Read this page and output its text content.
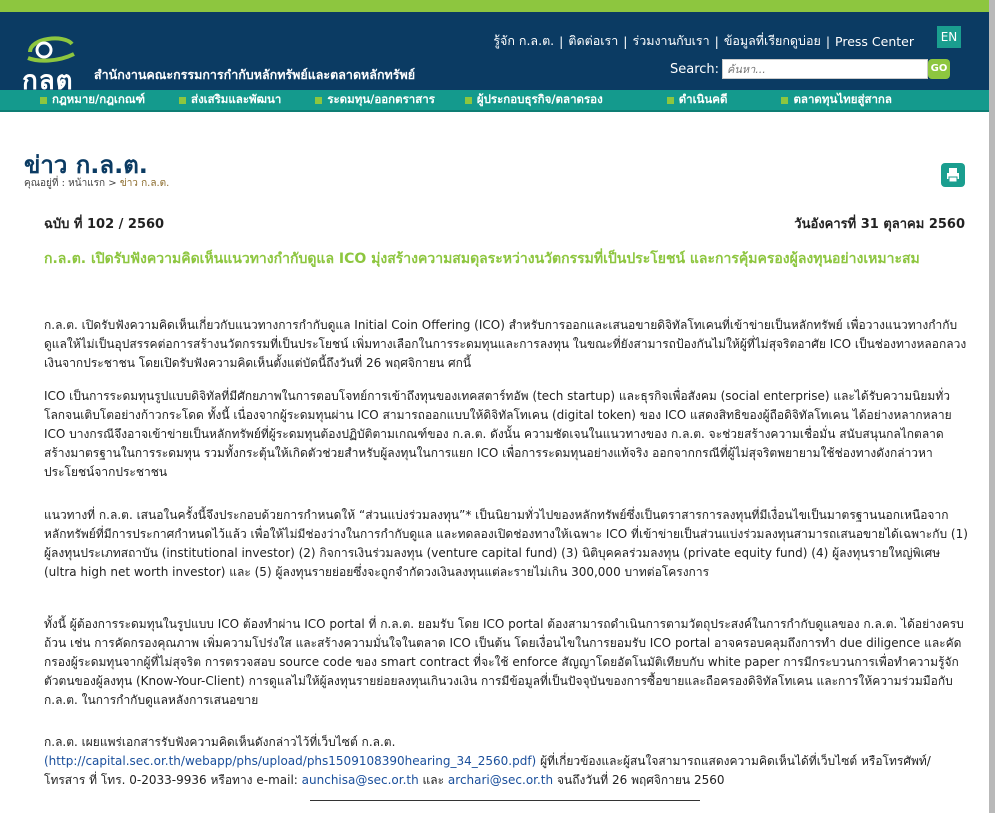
กลต สำนักงานคณะกรรมการกำกับหลักทรัพย์และตลาดหลักทรัพย์
รู้จัก ก.ล.ต. | ติดต่อเรา | ร่วมงานกับเรา | ข้อมูลที่เรียกดูบ่อย | Press Center	EN
Search:
ค้นหา...	GO
กฎหมาย/กฎเกณฑ์	ส่งเสริมและพัฒนา	ระดมทุน/ออกตราสาร	ผู้ประกอบธุรกิจ/ตลาดรอง	ดำเนินคดี	ตลาดทุนไทยสู่สากล
ข่าว ก.ล.ต.
คุณอยู่ที่ : หน้าแรก > ข่าว ก.ล.ต.
ฉบับ ที่ 102 / 2560	วันอังคารที่ 31 ตุลาคม 2560
ก.ล.ต. เปิดรับฟังความคิดเห็นแนวทางกำกับดูแล ICO มุ่งสร้างความสมดุลระหว่างนวัตกรรมที่เป็นประโยชน์ และการคุ้มครองผู้ลงทุนอย่างเหมาะสม
ก.ล.ต. เปิดรับฟังความคิดเห็นเกี่ยวกับแนวทางการกำกับดูแล Initial Coin Offering (ICO) สำหรับการออกและเสนอขายดิจิทัลโทเคนที่เข้าข่ายเป็นหลักทรัพย์ เพื่อวางแนวทางกำกับดูแลให้ไม่เป็นอุปสรรคต่อการสร้างนวัตกรรมที่เป็นประโยชน์ เพิ่มทางเลือกในการระดมทุนและการลงทุน ในขณะที่ยังสามารถป้องกันไม่ให้ผู้ที่ไม่สุจริตอาศัย ICO เป็นช่องทางหลอกลวงเงินจากประชาชน โดยเปิดรับฟังความคิดเห็นตั้งแต่บัดนี้ถึงวันที่ 26 พฤศจิกายน ศกนี้
ICO เป็นการระดมทุนรูปแบบดิจิทัลที่มีศักยภาพในการตอบโจทย์การเข้าถึงทุนของเทคสตาร์ทอัพ (tech startup) และธุรกิจเพื่อสังคม (social enterprise) และได้รับความนิยมทั่วโลกจนเติบโตอย่างก้าวกระโดด ทั้งนี้ เนื่องจากผู้ระดมทุนผ่าน ICO สามารถออกแบบให้ดิจิทัลโทเคน (digital token) ของ ICO แสดงสิทธิของผู้ถือดิจิทัลโทเคน ได้อย่างหลากหลาย ICO บางกรณีจึงอาจเข้าข่ายเป็นหลักทรัพย์ที่ผู้ระดมทุนต้องปฏิบัติตามเกณฑ์ของ ก.ล.ต. ดังนั้น ความชัดเจนในแนวทางของ ก.ล.ต. จะช่วยสร้างความเชื่อมั่น สนับสนุนกลไกตลาด สร้างมาตรฐานในการระดมทุน รวมทั้งกระตุ้นให้เกิดตัวช่วยสำหรับผู้ลงทุนในการแยก ICO เพื่อการระดมทุนอย่างแท้จริง ออกจากกรณีที่ผู้ไม่สุจริตพยายามใช้ช่องทางดังกล่าวหาประโยชน์จากประชาชน
แนวทางที่ ก.ล.ต. เสนอในครั้งนี้จึงประกอบด้วยการกำหนดให้ “ส่วนแบ่งร่วมลงทุน”* เป็นนิยามทั่วไปของหลักทรัพย์ซึ่งเป็นตราสารการลงทุนที่มีเงื่อนไขเป็นมาตรฐานนอกเหนือจากหลักทรัพย์ที่มีการประกาศกำหนดไว้แล้ว เพื่อให้ไม่มีช่องว่างในการกำกับดูแล และทดลองเปิดช่องทางให้เฉพาะ ICO ที่เข้าข่ายเป็นส่วนแบ่งร่วมลงทุนสามารถเสนอขายได้เฉพาะกับ (1) ผู้ลงทุนประเภทสถาบัน (institutional investor) (2) กิจการเงินร่วมลงทุน (venture capital fund) (3) นิติบุคคลร่วมลงทุน (private equity fund) (4) ผู้ลงทุนรายใหญ่พิเศษ (ultra high net worth investor) และ (5) ผู้ลงทุนรายย่อยซึ่งจะถูกจำกัดวงเงินลงทุนแต่ละรายไม่เกิน 300,000 บาทต่อโครงการ
ทั้งนี้ ผู้ต้องการระดมทุนในรูปแบบ ICO ต้องทำผ่าน ICO portal ที่ ก.ล.ต. ยอมรับ โดย ICO portal ต้องสามารถดำเนินการตามวัตถุประสงค์ในการกำกับดูแลของ ก.ล.ต. ได้อย่างครบถ้วน เช่น การคัดกรองคุณภาพ เพิ่มความโปร่งใส และสร้างความมั่นใจในตลาด ICO เป็นต้น โดยเงื่อนไขในการยอมรับ ICO portal อาจครอบคลุมถึงการทำ due diligence และคัดกรองผู้ระดมทุนจากผู้ที่ไม่สุจริต การตรวจสอบ source code ของ smart contract ที่จะใช้ enforce สัญญาโดยอัตโนมัติเทียบกับ white paper การมีกระบวนการเพื่อทำความรู้จักตัวตนของผู้ลงทุน (Know-Your-Client) การดูแลไม่ให้ผู้ลงทุนรายย่อยลงทุนเกินวงเงิน การมีข้อมูลที่เป็นปัจจุบันของการซื้อขายและถือครองดิจิทัลโทเคน และการให้ความร่วมมือกับ ก.ล.ต. ในการกำกับดูแลหลังการเสนอขาย
ก.ล.ต. เผยแพร่เอกสารรับฟังความคิดเห็นดังกล่าวไว้ที่เว็บไซต์ ก.ล.ต.
(http://capital.sec.or.th/webapp/phs/upload/phs1509108390hearing_34_2560.pdf) ผู้ที่เกี่ยวข้องและผู้สนใจสามารถแสดงความคิดเห็นได้ที่เว็บไซต์ หรือโทรศัพท์/โทรสาร ที่ โทร. 0-2033-9936 หรือทาง e-mail: aunchisa@sec.or.th และ archari@sec.or.th จนถึงวันที่ 26 พฤศจิกายน 2560
